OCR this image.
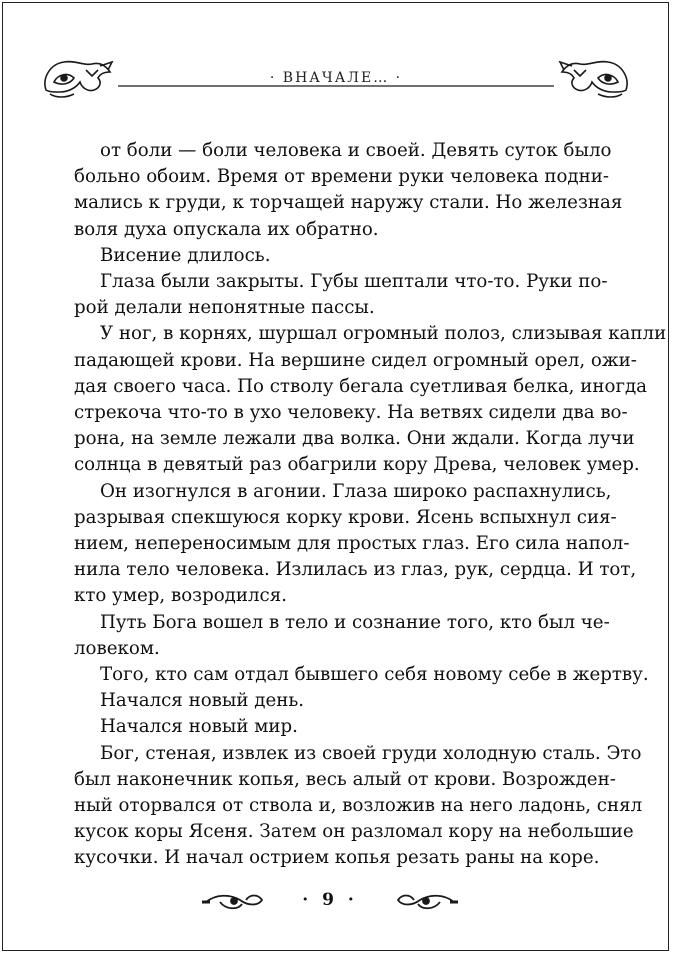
· ВНАЧАЛЕ… ·

от боли — боли человека и своей. Девять суток было
больно обоим. Время от времени руки человека подни-
мались к груди, к торчащей наружу стали. Но железная
воля духа опускала их обратно.

Висение длилось.

Глаза были закрыты. Губы шептали что-то. Руки по-
рой делали непонятные пассы.

У ног, в корнях, шуршал огромный полоз, слизывая капли
падающей крови. На вершине сидел огромный орел, ожи-
дая своего часа. По стволу бегала суетливая белка, иногда
стрекоча что-то в ухо человеку. На ветвях сидели два во-
рона, на земле лежали два волка. Они ждали. Когда лучи
солнца в девятый раз обагрили кору Древа, человек умер.

Он изогнулся в агонии. Глаза широко распахнулись,
разрывая спекшуюся корку крови. Ясень вспыхнул сия-
нием, непереносимым для простых глаз. Его сила напол-
нила тело человека. Излилась из глаз, рук, сердца. И тот,
кто умер, возродился.

Путь Бога вошел в тело и сознание того, кто был че-
ловеком.

Того, кто сам отдал бывшего себя новому себе в жертву.

Начался новый день.

Начался новый мир.

Бог, стеная, извлек из своей груди холодную сталь. Это
был наконечник копья, весь алый от крови. Возрожден-
ный оторвался от ствола и, возложив на него ладонь, снял
кусок коры Ясеня. Затем он разломал кору на небольшие
кусочки. И начал острием копья резать раны на коре.

· 9 ·
